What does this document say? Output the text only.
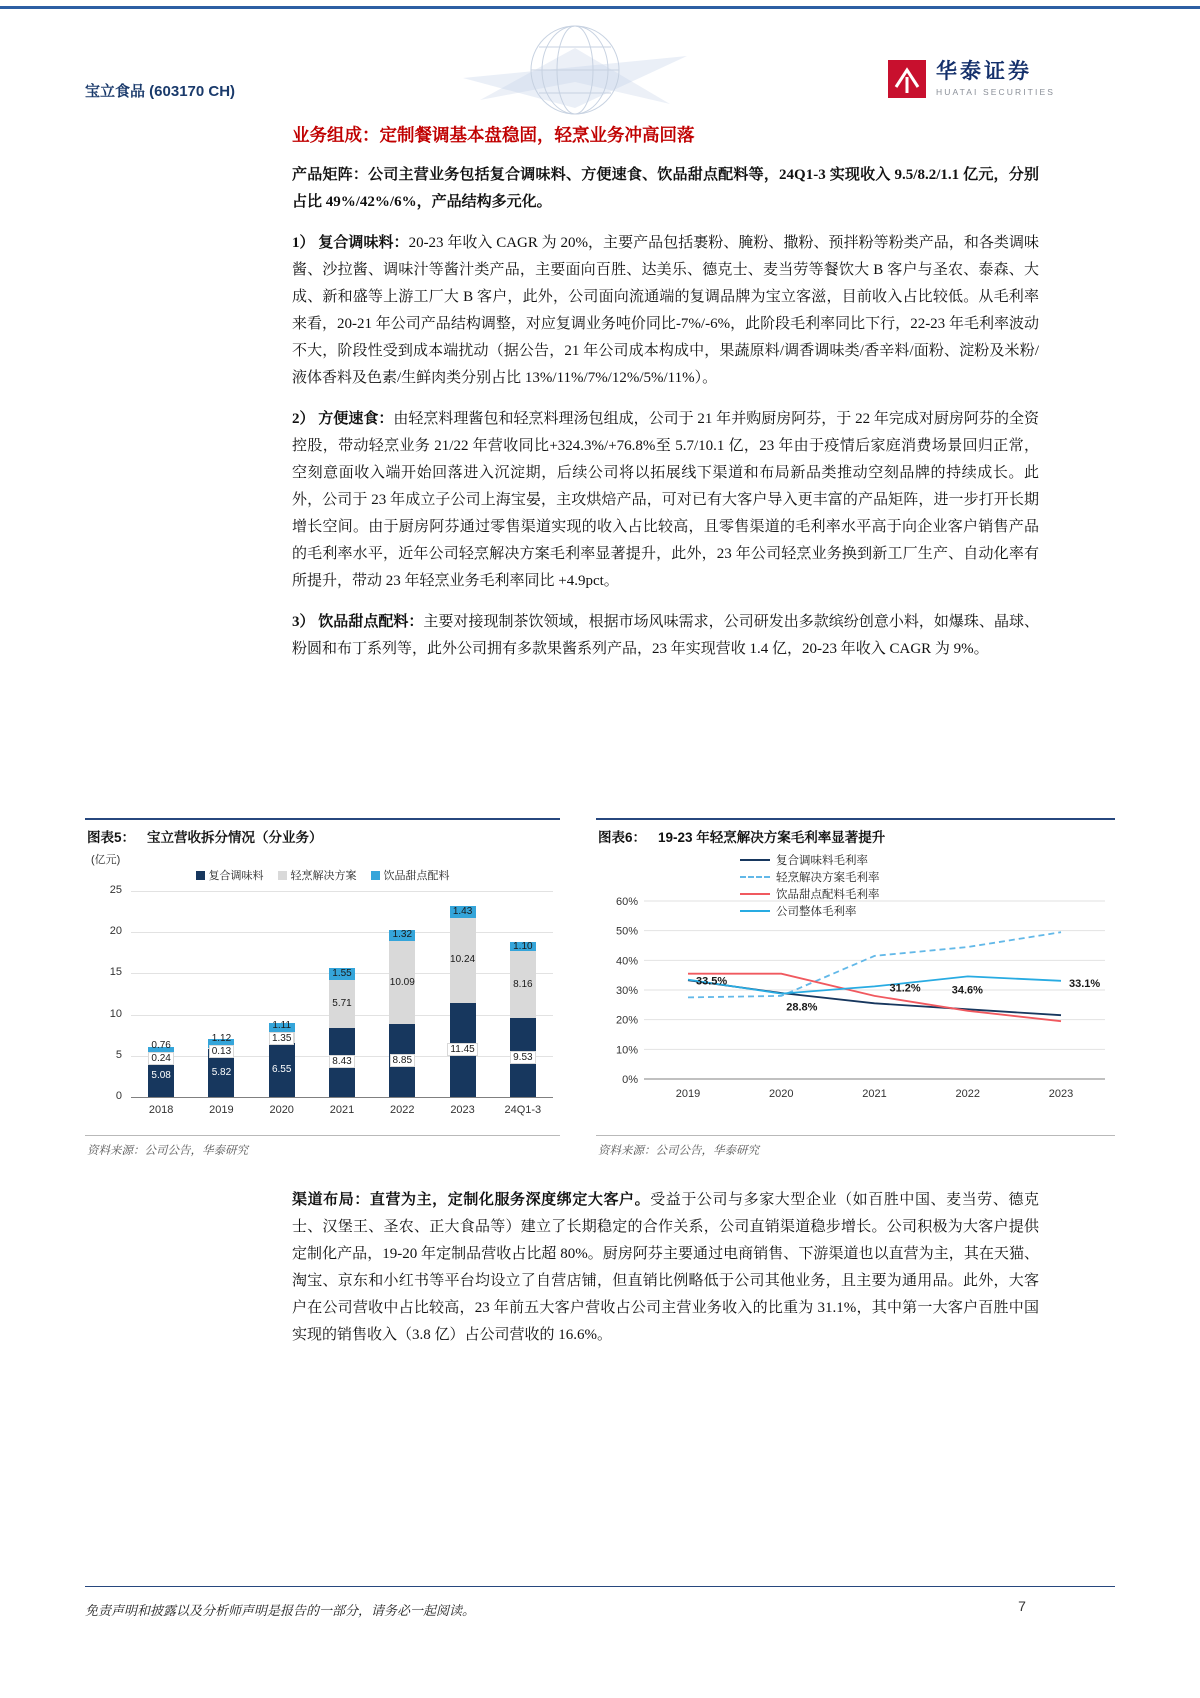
宝立食品 (603170 CH)
华泰证券
HUATAI SECURITIES
业务组成：定制餐调基本盘稳固，轻烹业务冲高回落

产品矩阵：公司主营业务包括复合调味料、方便速食、饮品甜点配料等，24Q1-3 实现收入 9.5/8.2/1.1 亿元，分别占比 49%/42%/6%，产品结构多元化。

1） 复合调味料：20-23 年收入 CAGR 为 20%，主要产品包括裹粉、腌粉、撒粉、预拌粉等粉类产品，和各类调味酱、沙拉酱、调味汁等酱汁类产品，主要面向百胜、达美乐、德克士、麦当劳等餐饮大 B 客户与圣农、泰森、大成、新和盛等上游工厂大 B 客户，此外，公司面向流通端的复调品牌为宝立客滋，目前收入占比较低。从毛利率来看，20-21 年公司产品结构调整，对应复调业务吨价同比-7%/-6%，此阶段毛利率同比下行，22-23 年毛利率波动不大，阶段性受到成本端扰动（据公告，21 年公司成本构成中，果蔬原料/调香调味类/香辛料/面粉、淀粉及米粉/液体香料及色素/生鲜肉类分别占比 13%/11%/7%/12%/5%/11%）。

2） 方便速食：由轻烹料理酱包和轻烹料理汤包组成，公司于 21 年并购厨房阿芬，于 22 年完成对厨房阿芬的全资控股，带动轻烹业务 21/22 年营收同比+324.3%/+76.8%至 5.7/10.1 亿，23 年由于疫情后家庭消费场景回归正常，空刻意面收入端开始回落进入沉淀期，后续公司将以拓展线下渠道和布局新品类推动空刻品牌的持续成长。此外，公司于 23 年成立子公司上海宝晏，主攻烘焙产品，可对已有大客户导入更丰富的产品矩阵，进一步打开长期增长空间。由于厨房阿芬通过零售渠道实现的收入占比较高，且零售渠道的毛利率水平高于向企业客户销售产品的毛利率水平，近年公司轻烹解决方案毛利率显著提升，此外，23 年公司轻烹业务换到新工厂生产、自动化率有所提升，带动 23 年轻烹业务毛利率同比 +4.9pct。

3） 饮品甜点配料：主要对接现制茶饮领域，根据市场风味需求，公司研发出多款缤纷创意小料，如爆珠、晶球、粉圆和布丁系列等，此外公司拥有多款果酱系列产品，23 年实现营收 1.4 亿，20-23 年收入 CAGR 为 9%。

图表5： 宝立营收拆分情况（分业务）
(亿元)
复合调味料 轻烹解决方案 饮品甜点配料
0
5
10
15
20
25
5.08
0.24
0.76
2018
5.82
0.13
1.12
2019
6.55
1.35
1.11
2020
8.43
5.71
1.55
2021
8.85
10.09
1.32
2022
11.45
10.24
1.43
2023
9.53
8.16
1.10
24Q1-3
资料来源：公司公告，华泰研究
图表6： 19-23 年轻烹解决方案毛利率显著提升
0%
10%
20%
30%
40%
50%
60%
2019	2020	2021	2022	2023
33.5%
28.8%
31.2%	34.6%
33.1%
复合调味料毛利率
轻烹解决方案毛利率
饮品甜点配料毛利率
公司整体毛利率
资料来源：公司公告，华泰研究

渠道布局：直营为主，定制化服务深度绑定大客户。受益于公司与多家大型企业（如百胜中国、麦当劳、德克士、汉堡王、圣农、正大食品等）建立了长期稳定的合作关系，公司直销渠道稳步增长。公司积极为大客户提供定制化产品，19-20 年定制品营收占比超 80%。厨房阿芬主要通过电商销售、下游渠道也以直营为主，其在天猫、淘宝、京东和小红书等平台均设立了自营店铺，但直销比例略低于公司其他业务，且主要为通用品。此外，大客户在公司营收中占比较高，23 年前五大客户营收占公司主营业务收入的比重为 31.1%，其中第一大客户百胜中国实现的销售收入（3.8 亿）占公司营收的 16.6%。

免责声明和披露以及分析师声明是报告的一部分，请务必一起阅读。	7
